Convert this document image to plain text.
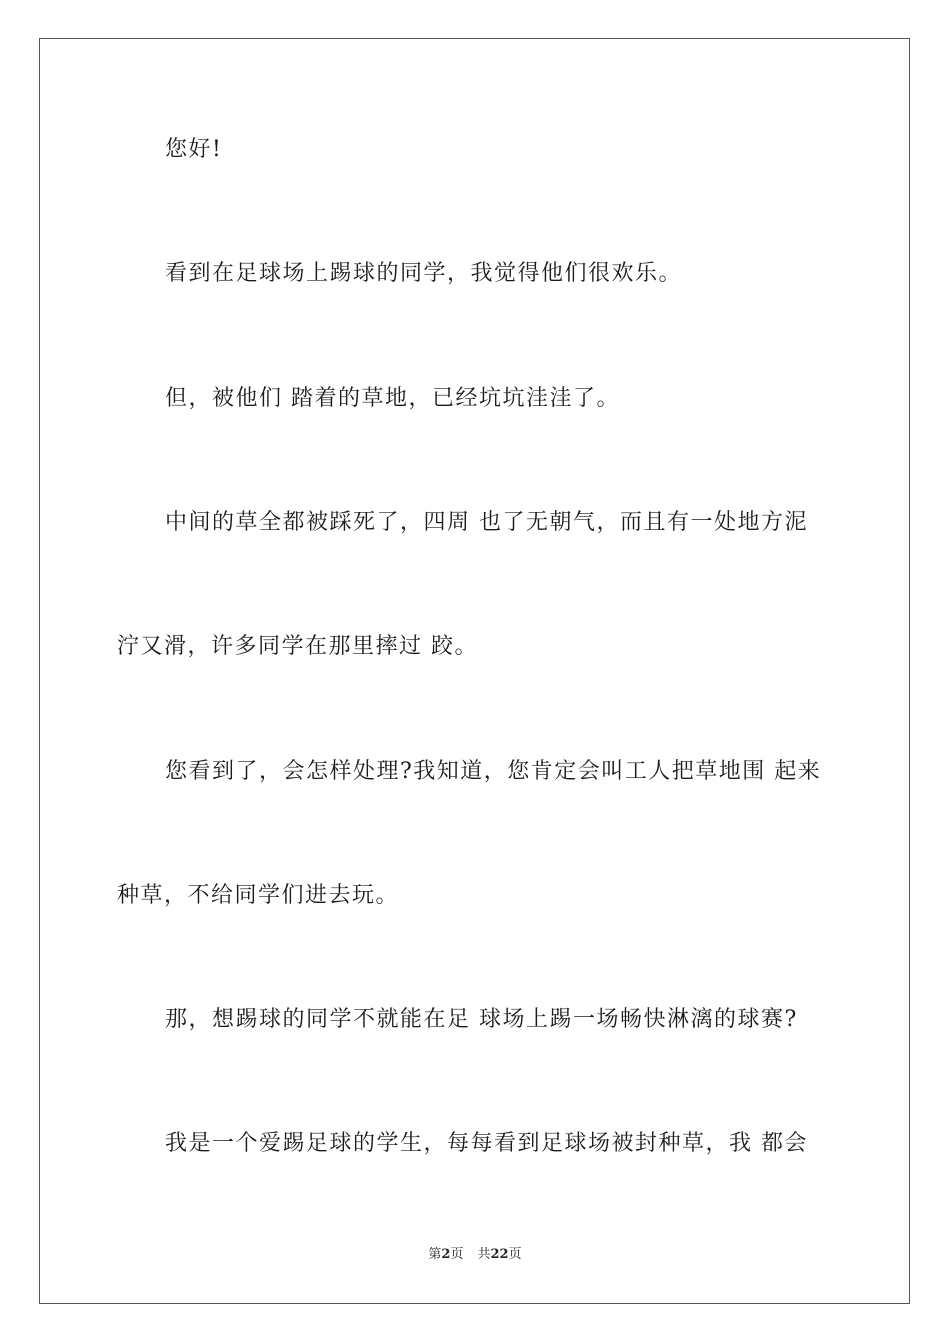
您好!
看到在足球场上踢球的同学，我觉得他们很欢乐。
但，被他们 踏着的草地，已经坑坑洼洼了。
中间的草全都被踩死了，四周 也了无朝气，而且有一处地方泥
泞又滑，许多同学在那里摔过 跤。
您看到了，会怎样处理?我知道，您肯定会叫工人把草地围 起来
种草，不给同学们进去玩。
那，想踢球的同学不就能在足 球场上踢一场畅快淋漓的球赛?
我是一个爱踢足球的学生，每每看到足球场被封种草，我 都会
第2页 共22页
